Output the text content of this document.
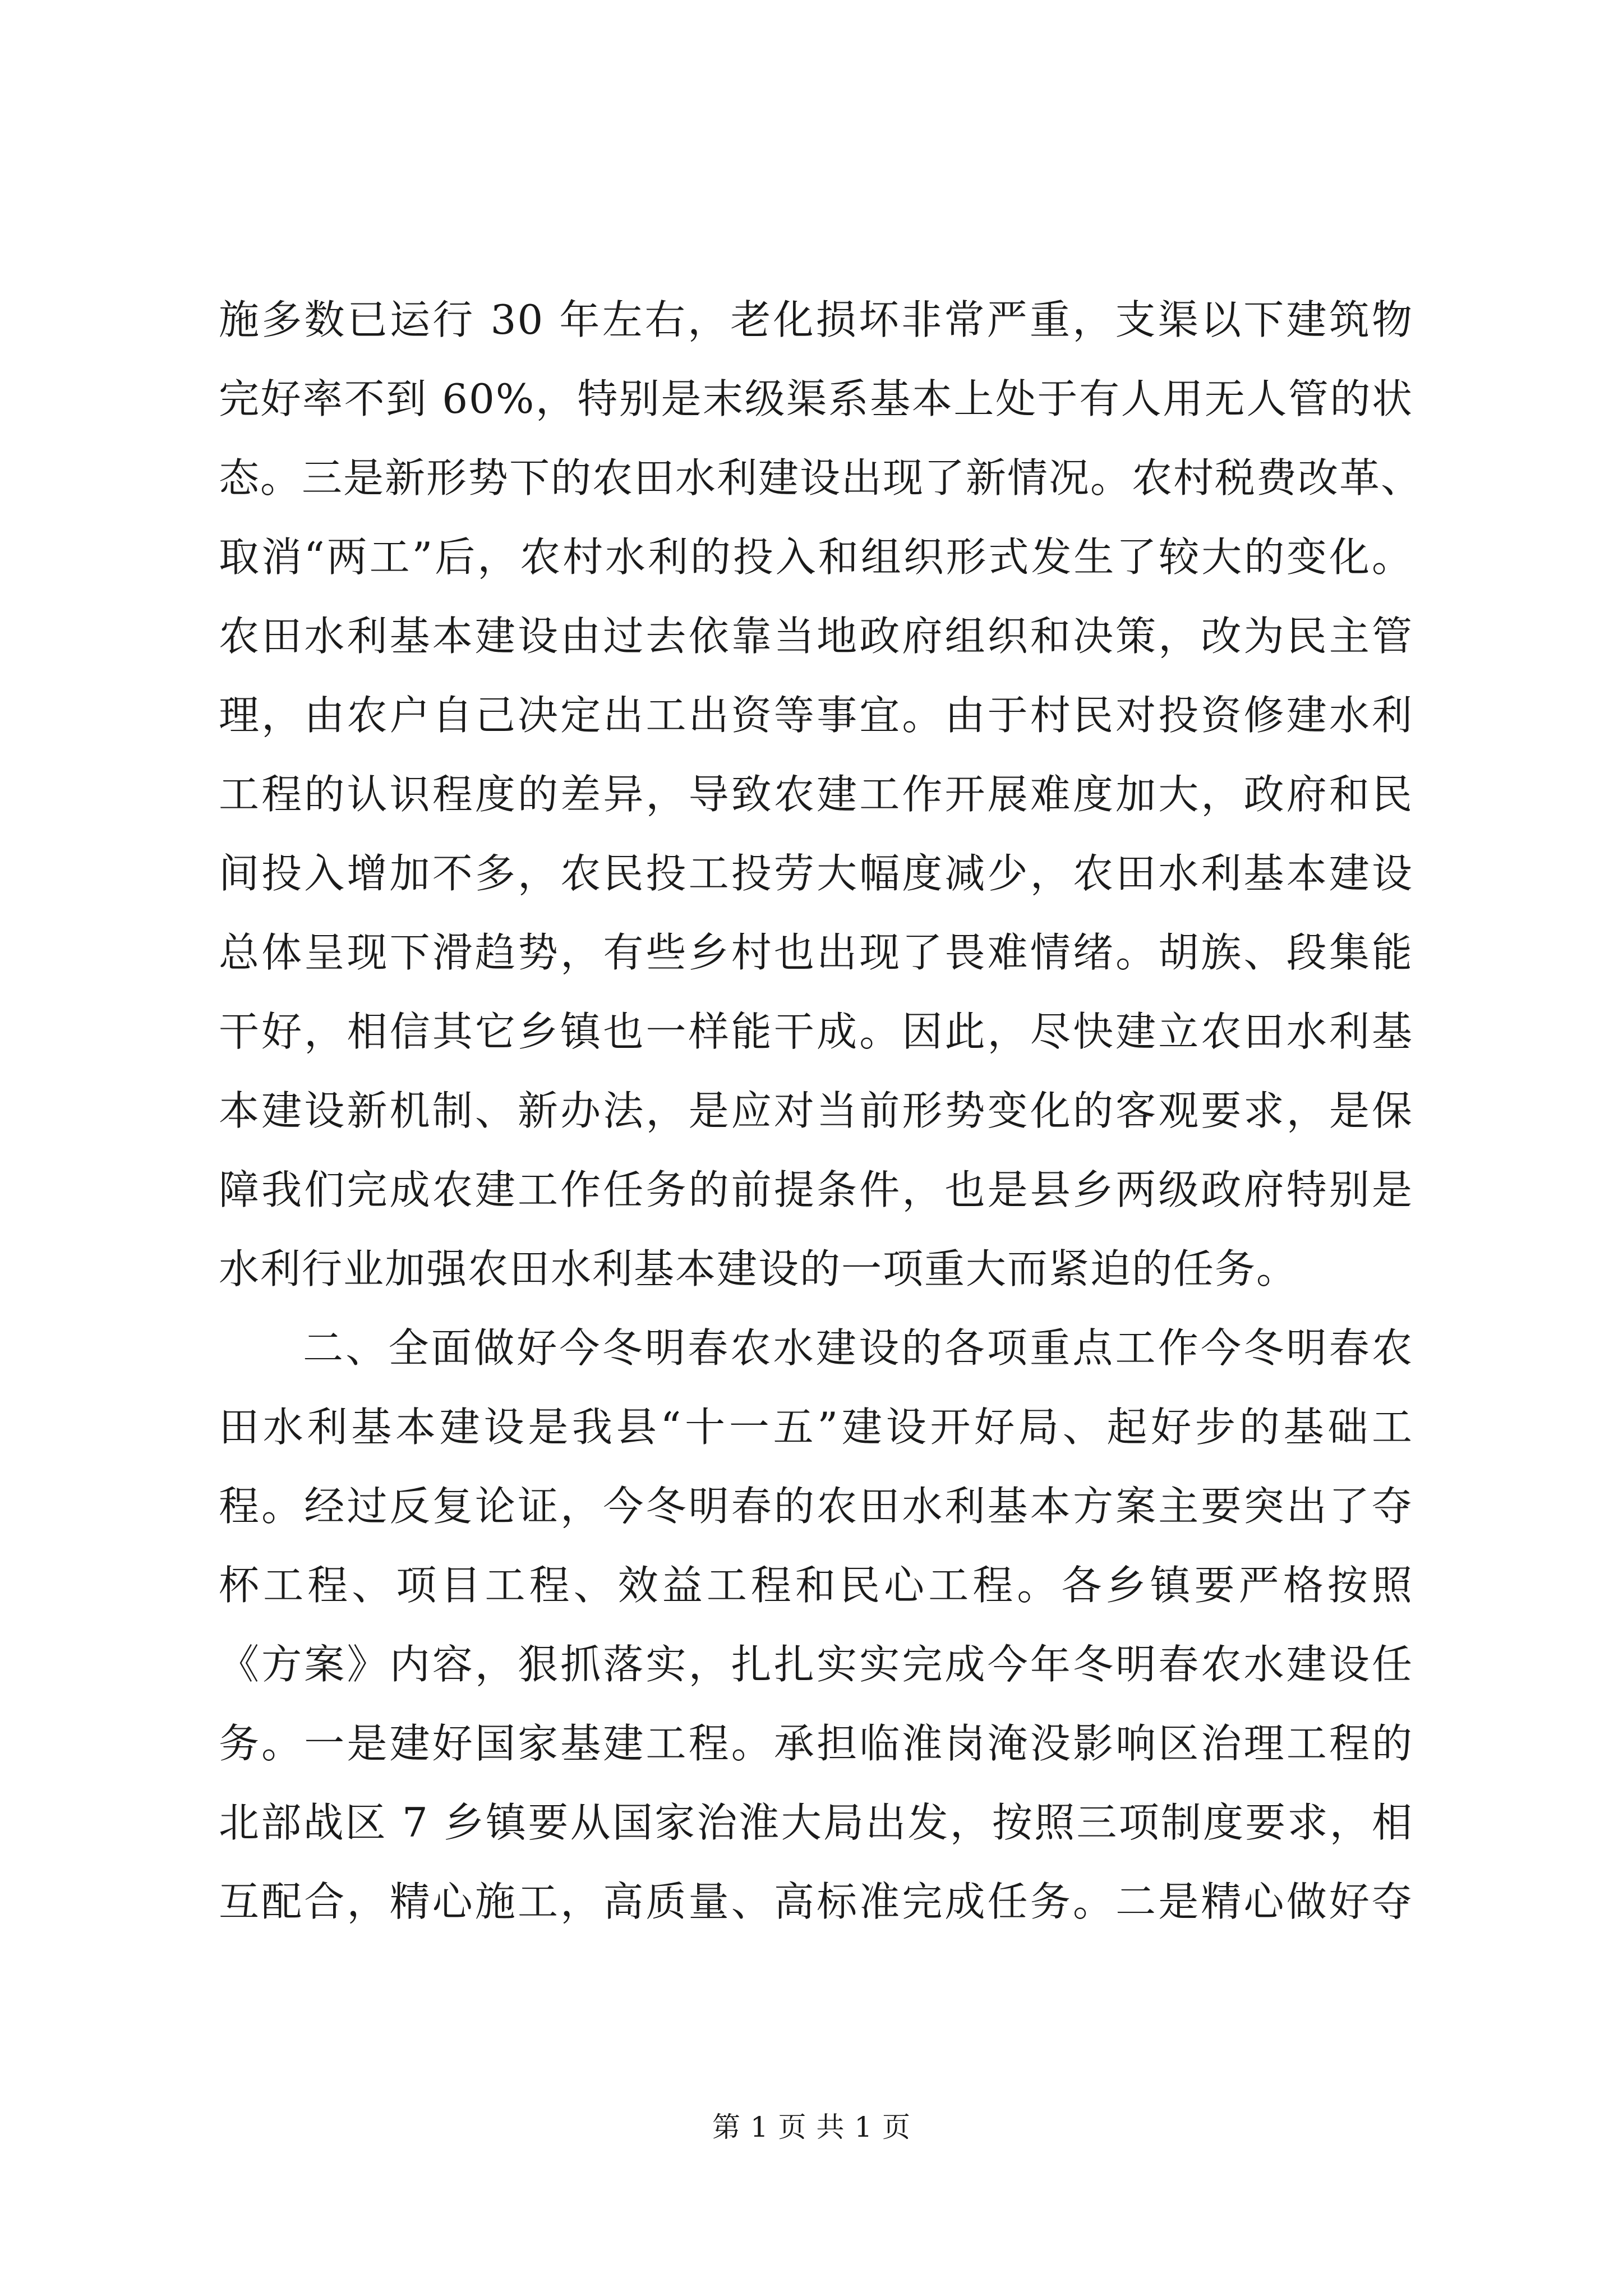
施多数已运行 30 年左右，老化损坏非常严重，支渠以下建筑物
完好率不到 60%，特别是末级渠系基本上处于有人用无人管的状
态。三是新形势下的农田水利建设出现了新情况。农村税费改革、
取消“两工”后，农村水利的投入和组织形式发生了较大的变化。
农田水利基本建设由过去依靠当地政府组织和决策，改为民主管
理，由农户自己决定出工出资等事宜。由于村民对投资修建水利
工程的认识程度的差异，导致农建工作开展难度加大，政府和民
间投入增加不多，农民投工投劳大幅度减少，农田水利基本建设
总体呈现下滑趋势，有些乡村也出现了畏难情绪。胡族、段集能
干好，相信其它乡镇也一样能干成。因此，尽快建立农田水利基
本建设新机制、新办法，是应对当前形势变化的客观要求，是保
障我们完成农建工作任务的前提条件，也是县乡两级政府特别是
水利行业加强农田水利基本建设的一项重大而紧迫的任务。
二、全面做好今冬明春农水建设的各项重点工作今冬明春农
田水利基本建设是我县“十一五”建设开好局、起好步的基础工
程。经过反复论证，今冬明春的农田水利基本方案主要突出了夺
杯工程、项目工程、效益工程和民心工程。各乡镇要严格按照
《方案》内容，狠抓落实，扎扎实实完成今年冬明春农水建设任
务。一是建好国家基建工程。承担临淮岗淹没影响区治理工程的
北部战区 7 乡镇要从国家治淮大局出发，按照三项制度要求，相
互配合，精心施工，高质量、高标准完成任务。二是精心做好夺
第 1 页 共 1 页
